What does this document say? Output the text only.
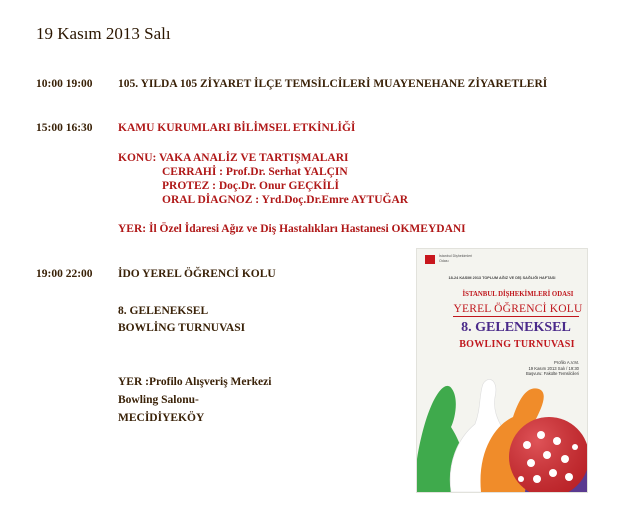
19 Kasım 2013 Salı
10:00 19:00 105. YILDA 105 ZİYARET İLÇE TEMSİLCİLERİ MUAYENEHANE ZİYARETLERİ
15:00 16:30 KAMU KURUMLARI BİLİMSEL ETKİNLİĞİ
KONU: VAKA ANALİZ VE TARTIŞMALARI
CERRAHİ : Prof.Dr. Serhat YALÇIN
PROTEZ : Doç.Dr. Onur GEÇKİLİ
ORAL DİAGNOZ : Yrd.Doç.Dr.Emre AYTUĞAR
YER: İl Özel İdaresi Ağız ve Diş Hastalıkları Hastanesi OKMEYDANI
19:00 22:00 İDO YEREL ÖĞRENCİ KOLU
8. GELENEKSEL
BOWLİNG TURNUVASI
YER :Profilo Alışveriş Merkezi
Bowling Salonu-
MECİDİYEKÖY
İstanbul Dişhekimleri Odası
18-24 KASIM 2013 TOPLUM AĞIZ VE DİŞ SAĞLIĞI HAFTASI
İSTANBUL DİŞHEKİMLERİ ODASI
YEREL ÖĞRENCİ KOLU
8. GELENEKSEL
BOWLING TURNUVASI
Profilo A.V.M.
19 Kasım 2013 Salı / 19:30
Başvuru: Fakülte Temsilcileri
